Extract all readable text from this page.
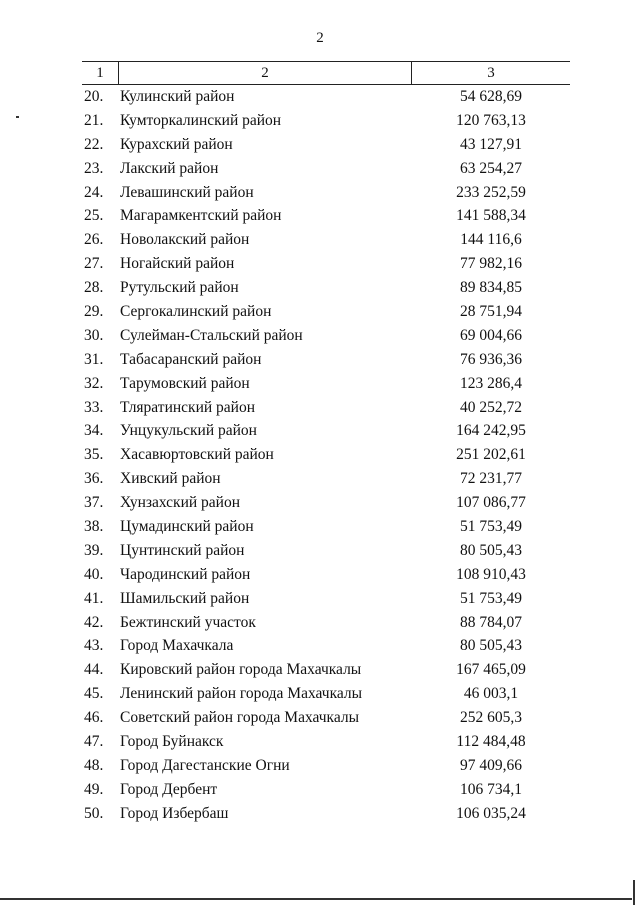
2
1	2	3
20.	Кулинский район	54 628,69
21.	Кумторкалинский район	120 763,13
22.	Курахский район	43 127,91
23.	Лакский район	63 254,27
24.	Левашинский район	233 252,59
25.	Магарамкентский район	141 588,34
26.	Новолакский район	144 116,6
27.	Ногайский район	77 982,16
28.	Рутульский район	89 834,85
29.	Сергокалинский район	28 751,94
30.	Сулейман-Стальский район	69 004,66
31.	Табасаранский район	76 936,36
32.	Тарумовский район	123 286,4
33.	Тляратинский район	40 252,72
34.	Унцукульский район	164 242,95
35.	Хасавюртовский район	251 202,61
36.	Хивский район	72 231,77
37.	Хунзахский район	107 086,77
38.	Цумадинский район	51 753,49
39.	Цунтинский район	80 505,43
40.	Чародинский район	108 910,43
41.	Шамильский район	51 753,49
42.	Бежтинский участок	88 784,07
43.	Город Махачкала	80 505,43
44.	Кировский район города Махачкалы	167 465,09
45.	Ленинский район города Махачкалы	46 003,1
46.	Советский район города Махачкалы	252 605,3
47.	Город Буйнакск	112 484,48
48.	Город Дагестанские Огни	97 409,66
49.	Город Дербент	106 734,1
50.	Город Избербаш	106 035,24
